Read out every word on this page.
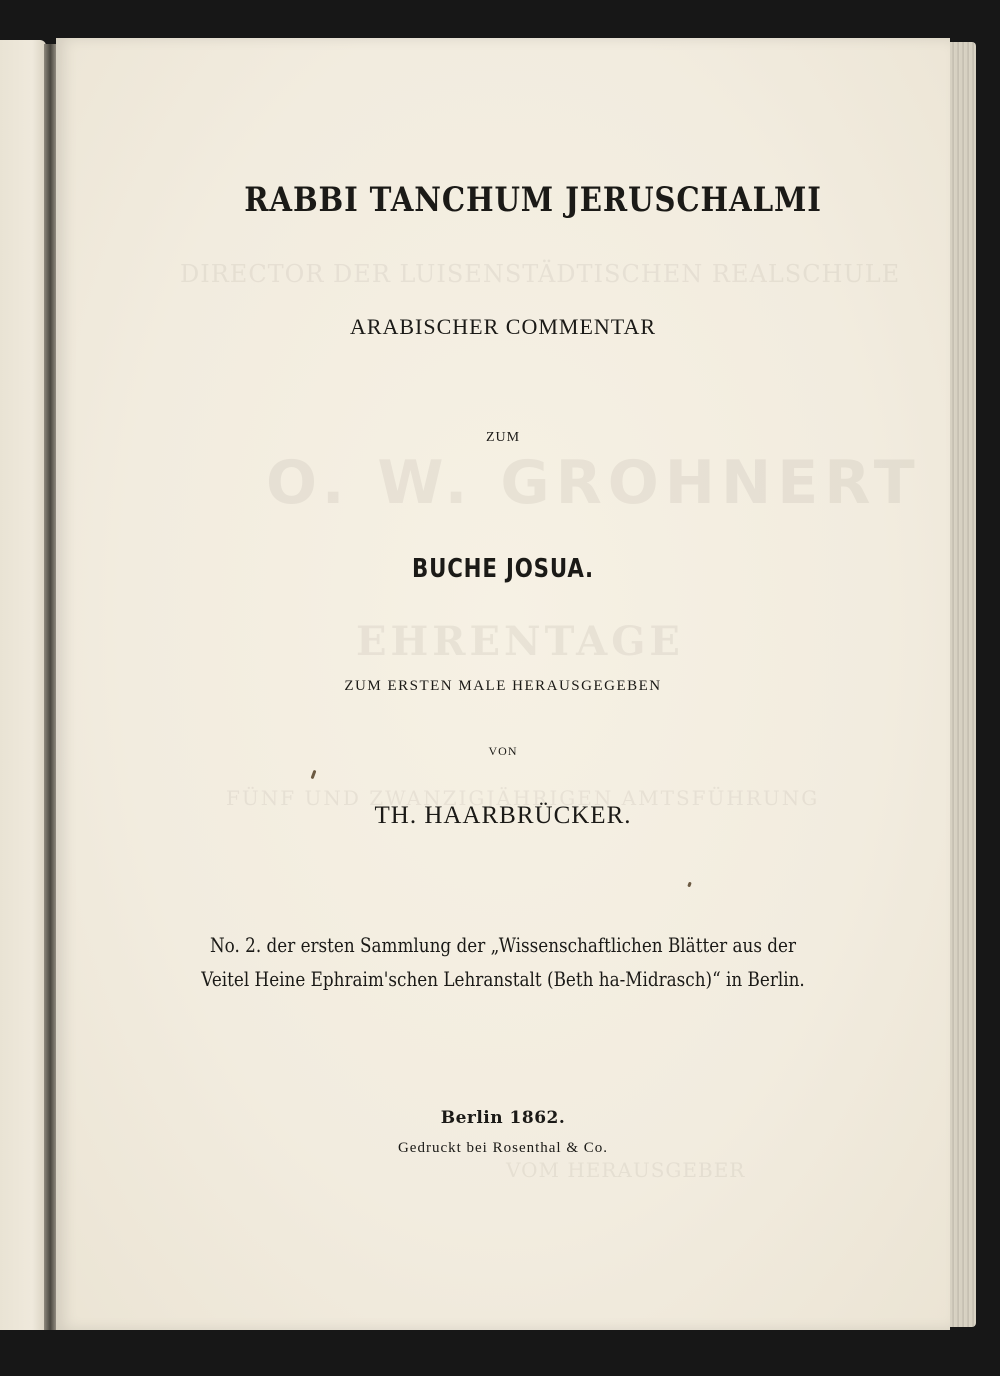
DIRECTOR DER LUISENSTÄDTISCHEN REALSCHULE
O. W. GROHNERT
EHRENTAGE
FÜNF UND ZWANZIGJÄHRIGEN AMTSFÜHRUNG
VOM HERAUSGEBER
RABBI TANCHUM JERUSCHALMI
ARABISCHER COMMENTAR
ZUM
BUCHE JOSUA.
ZUM ERSTEN MALE HERAUSGEGEBEN
VON
TH. HAARBRÜCKER.
No. 2. der ersten Sammlung der „Wissenschaftlichen Blätter aus der
Veitel Heine Ephraim'schen Lehranstalt (Beth ha-Midrasch)“ in Berlin.
Berlin 1862.
Gedruckt bei Rosenthal & Co.
